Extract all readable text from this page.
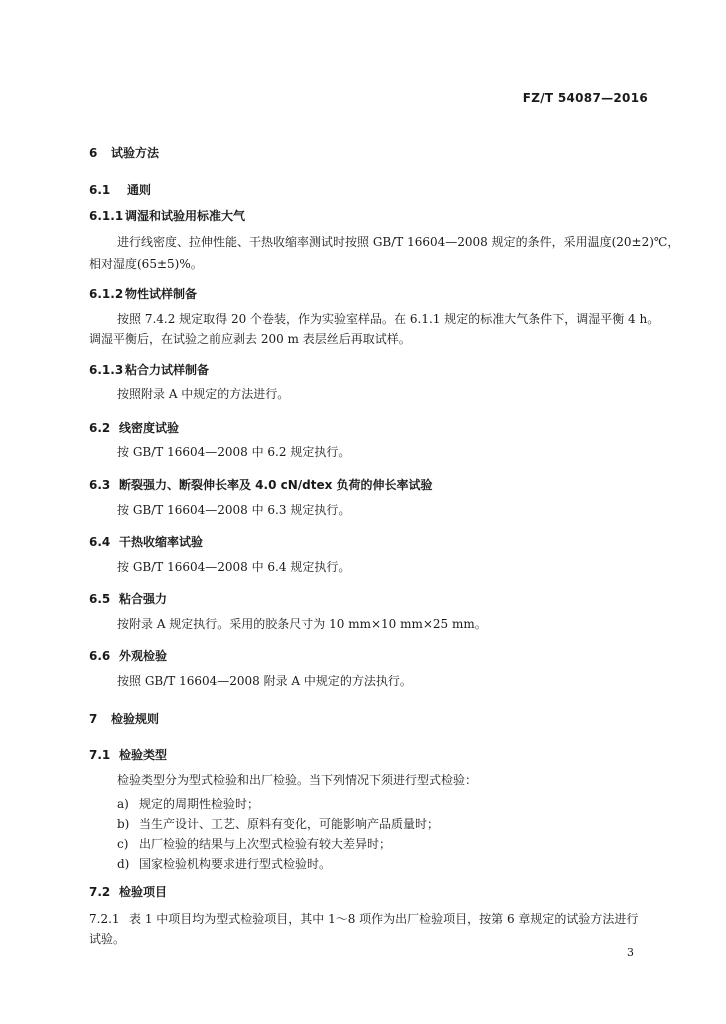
FZ/T 54087—2016
6 试验方法
6.1 通则
6.1.1 调湿和试验用标准大气
进行线密度、拉伸性能、干热收缩率测试时按照 GB/T 16604—2008 规定的条件，采用温度(20±2)℃，
相对湿度(65±5)%。
6.1.2 物性试样制备
按照 7.4.2 规定取得 20 个卷装，作为实验室样品。在 6.1.1 规定的标准大气条件下，调湿平衡 4 h。
调湿平衡后，在试验之前应剥去 200 m 表层丝后再取试样。
6.1.3 粘合力试样制备
按照附录 A 中规定的方法进行。
6.2 线密度试验
按 GB/T 16604—2008 中 6.2 规定执行。
6.3 断裂强力、断裂伸长率及 4.0 cN/dtex 负荷的伸长率试验
按 GB/T 16604—2008 中 6.3 规定执行。
6.4 干热收缩率试验
按 GB/T 16604—2008 中 6.4 规定执行。
6.5 粘合强力
按附录 A 规定执行。采用的胶条尺寸为 10 mm×10 mm×25 mm。
6.6 外观检验
按照 GB/T 16604—2008 附录 A 中规定的方法执行。
7 检验规则
7.1 检验类型
检验类型分为型式检验和出厂检验。当下列情况下须进行型式检验：
a) 规定的周期性检验时；
b) 当生产设计、工艺、原料有变化，可能影响产品质量时；
c) 出厂检验的结果与上次型式检验有较大差异时；
d) 国家检验机构要求进行型式检验时。
7.2 检验项目
7.2.1 表 1 中项目均为型式检验项目，其中 1～8 项作为出厂检验项目，按第 6 章规定的试验方法进行
试验。
3
